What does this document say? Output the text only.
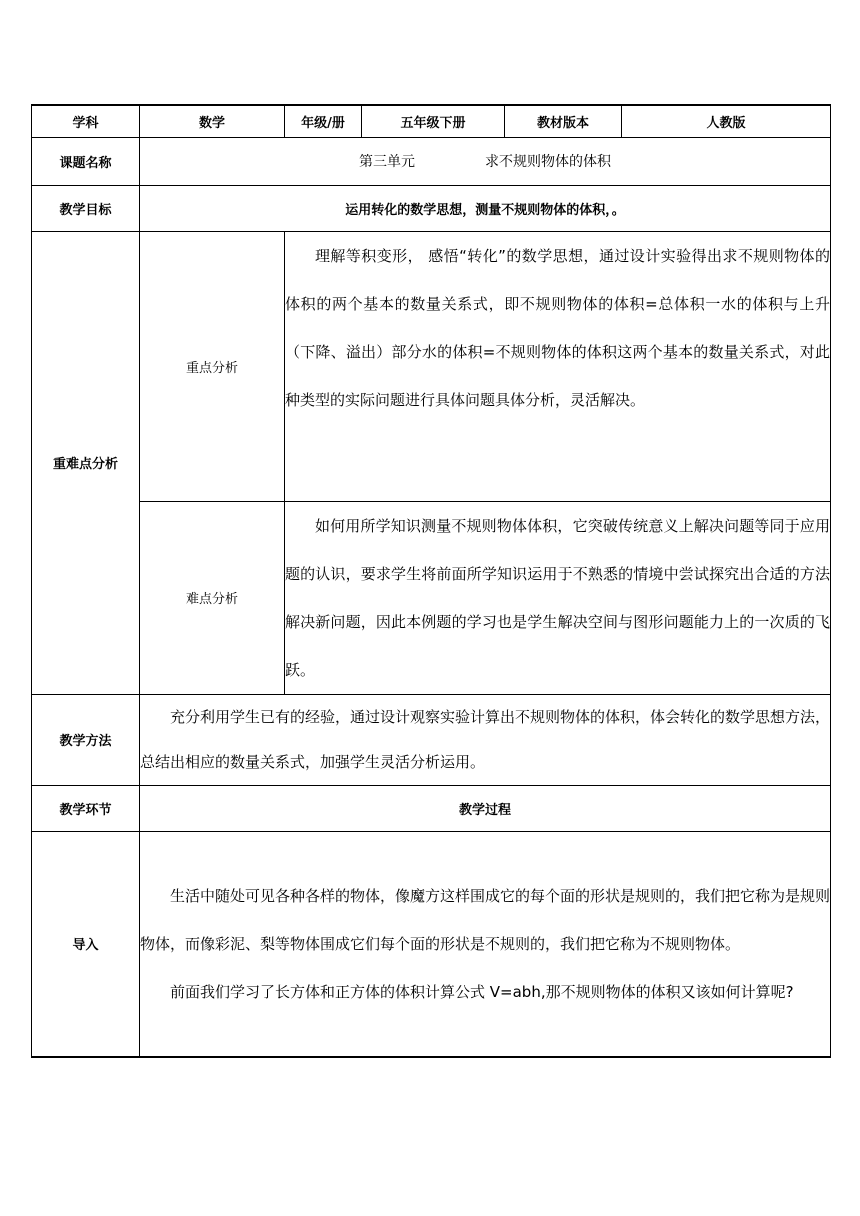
学科	数学	年级/册	五年级下册	教材版本	人教版
课题名称	第三单元 求不规则物体的体积				
教学目标	运用转化的数学思想，测量不规则物体的体积，。				
重难点分析	重点分析	理解等积变形， 感悟“转化”的数学思想，通过设计实验得出求不规则物体的体积的两个基本的数量关系式，即不规则物体的体积=总体积一水的体积与上升（下降、溢出）部分水的体积=不规则物体的体积这两个基本的数量关系式，对此种类型的实际问题进行具体问题具体分析，灵活解决。			

	难点分析	如何用所学知识测量不规则物体体积，它突破传统意义上解决问题等同于应用题的认识，要求学生将前面所学知识运用于不熟悉的情境中尝试探究出合适的方法解决新问题，因此本例题的学习也是学生解决空间与图形问题能力上的一次质的飞跃。			

教学方法	充分利用学生已有的经验，通过设计观察实验计算出不规则物体的体积，体会转化的数学思想方法，总结出相应的数量关系式，加强学生灵活分析运用。				

教学环节	教学过程				
导入	生活中随处可见各种各样的物体，像魔方这样围成它的每个面的形状是规则的，我们把它称为是规则物体，而像彩泥、梨等物体围成它们每个面的形状是不规则的，我们把它称为不规则物体。

前面我们学习了长方体和正方体的体积计算公式 V=abh,那不规则物体的体积又该如何计算呢?				
